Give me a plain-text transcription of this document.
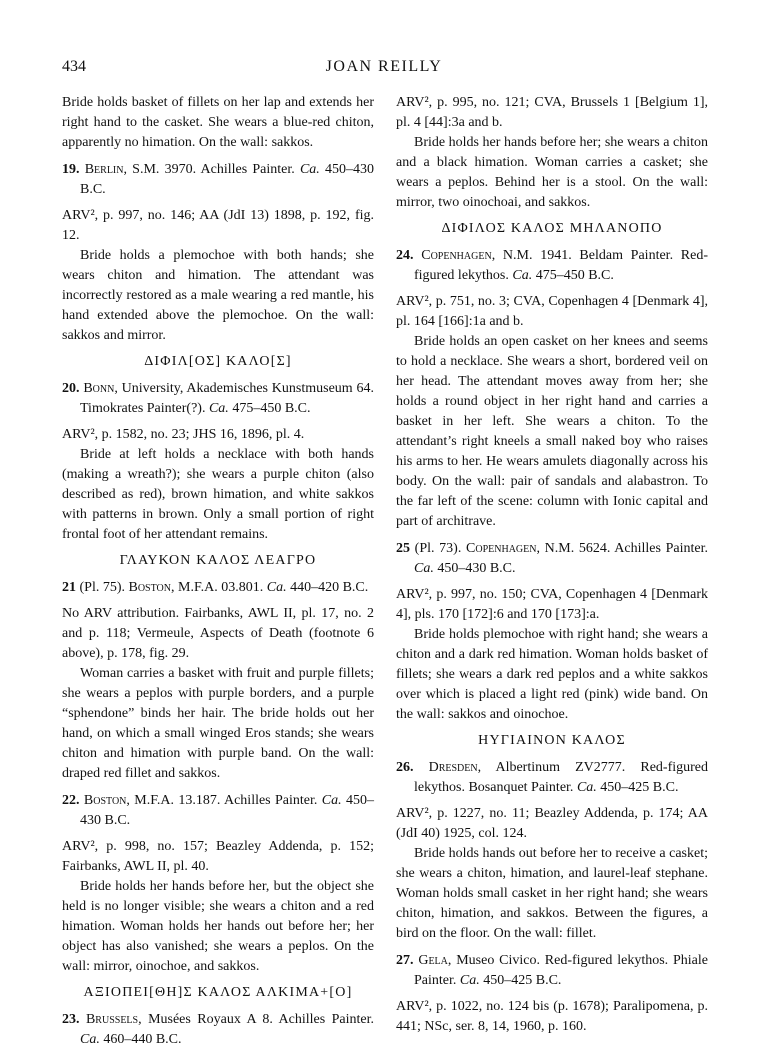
434	JOAN REILLY

Bride holds basket of fillets on her lap and extends her right hand to the casket. She wears a blue-red chiton, apparently no himation. On the wall: sakkos.

19. Berlin, S.M. 3970. Achilles Painter. Ca. 450–430 B.C.
ARV², p. 997, no. 146; AA (JdI 13) 1898, p. 192, fig. 12.
Bride holds a plemochoe with both hands; she wears chiton and himation. The attendant was incorrectly restored as a male wearing a red mantle, his hand extended above the plemochoe. On the wall: sakkos and mirror.
ΔΙΦΙΛ[ΟΣ] ΚΑΛΟ[Σ]
20. Bonn, University, Akademisches Kunstmuseum 64. Timokrates Painter(?). Ca. 475–450 B.C.
ARV², p. 1582, no. 23; JHS 16, 1896, pl. 4.
Bride at left holds a necklace with both hands (making a wreath?); she wears a purple chiton (also described as red), brown himation, and white sakkos with patterns in brown. Only a small portion of right frontal foot of her attendant remains.
ΓΛΑΥΚΟΝ ΚΑΛΟΣ ΛΕΑΓΡΟ
21 (Pl. 75). Boston, M.F.A. 03.801. Ca. 440–420 B.C.
No ARV attribution. Fairbanks, AWL II, pl. 17, no. 2 and p. 118; Vermeule, Aspects of Death (footnote 6 above), p. 178, fig. 29.
Woman carries a basket with fruit and purple fillets; she wears a peplos with purple borders, and a purple “sphendone” binds her hair. The bride holds out her hand, on which a small winged Eros stands; she wears chiton and himation with purple band. On the wall: draped red fillet and sakkos.
22. Boston, M.F.A. 13.187. Achilles Painter. Ca. 450–430 B.C.
ARV², p. 998, no. 157; Beazley Addenda, p. 152; Fairbanks, AWL II, pl. 40.
Bride holds her hands before her, but the object she held is no longer visible; she wears a chiton and a red himation. Woman holds her hands out before her; her object has also vanished; she wears a peplos. On the wall: mirror, oinochoe, and sakkos.
ΑΞΙΟΠΕΙ[ΘΗ]Σ ΚΑΛΟΣ ΑΛΚΙΜΑ+[Ο]
23. Brussels, Musées Royaux A 8. Achilles Painter. Ca. 460–440 B.C.
ARV², p. 995, no. 121; CVA, Brussels 1 [Belgium 1], pl. 4 [44]:3a and b.
Bride holds her hands before her; she wears a chiton and a black himation. Woman carries a casket; she wears a peplos. Behind her is a stool. On the wall: mirror, two oinochoai, and sakkos.
ΔΙΦΙΛΟΣ ΚΑΛΟΣ ΜΗΛΑΝΟΠΟ
24. Copenhagen, N.M. 1941. Beldam Painter. Red-figured lekythos. Ca. 475–450 B.C.
ARV², p. 751, no. 3; CVA, Copenhagen 4 [Denmark 4], pl. 164 [166]:1a and b.
Bride holds an open casket on her knees and seems to hold a necklace. She wears a short, bordered veil on her head. The attendant moves away from her; she holds a round object in her right hand and carries a basket in her left. She wears a chiton. To the attendant’s right kneels a small naked boy who raises his arms to her. He wears amulets diagonally across his body. On the wall: pair of sandals and alabastron. To the far left of the scene: column with Ionic capital and part of architrave.
25 (Pl. 73). Copenhagen, N.M. 5624. Achilles Painter. Ca. 450–430 B.C.
ARV², p. 997, no. 150; CVA, Copenhagen 4 [Denmark 4], pls. 170 [172]:6 and 170 [173]:a.
Bride holds plemochoe with right hand; she wears a chiton and a dark red himation. Woman holds basket of fillets; she wears a dark red peplos and a white sakkos over which is placed a light red (pink) wide band. On the wall: sakkos and oinochoe.
ΗΥΓΙΑΙΝΟΝ ΚΑΛΟΣ
26. Dresden, Albertinum ZV2777. Red-figured lekythos. Bosanquet Painter. Ca. 450–425 B.C.
ARV², p. 1227, no. 11; Beazley Addenda, p. 174; AA (JdI 40) 1925, col. 124.
Bride holds hands out before her to receive a casket; she wears a chiton, himation, and laurel-leaf stephane. Woman holds small casket in her right hand; she wears chiton, himation, and sakkos. Between the figures, a bird on the floor. On the wall: fillet.
27. Gela, Museo Civico. Red-figured lekythos. Phiale Painter. Ca. 450–425 B.C.
ARV², p. 1022, no. 124 bis (p. 1678); Paralipomena, p. 441; NSc, ser. 8, 14, 1960, p. 160.
